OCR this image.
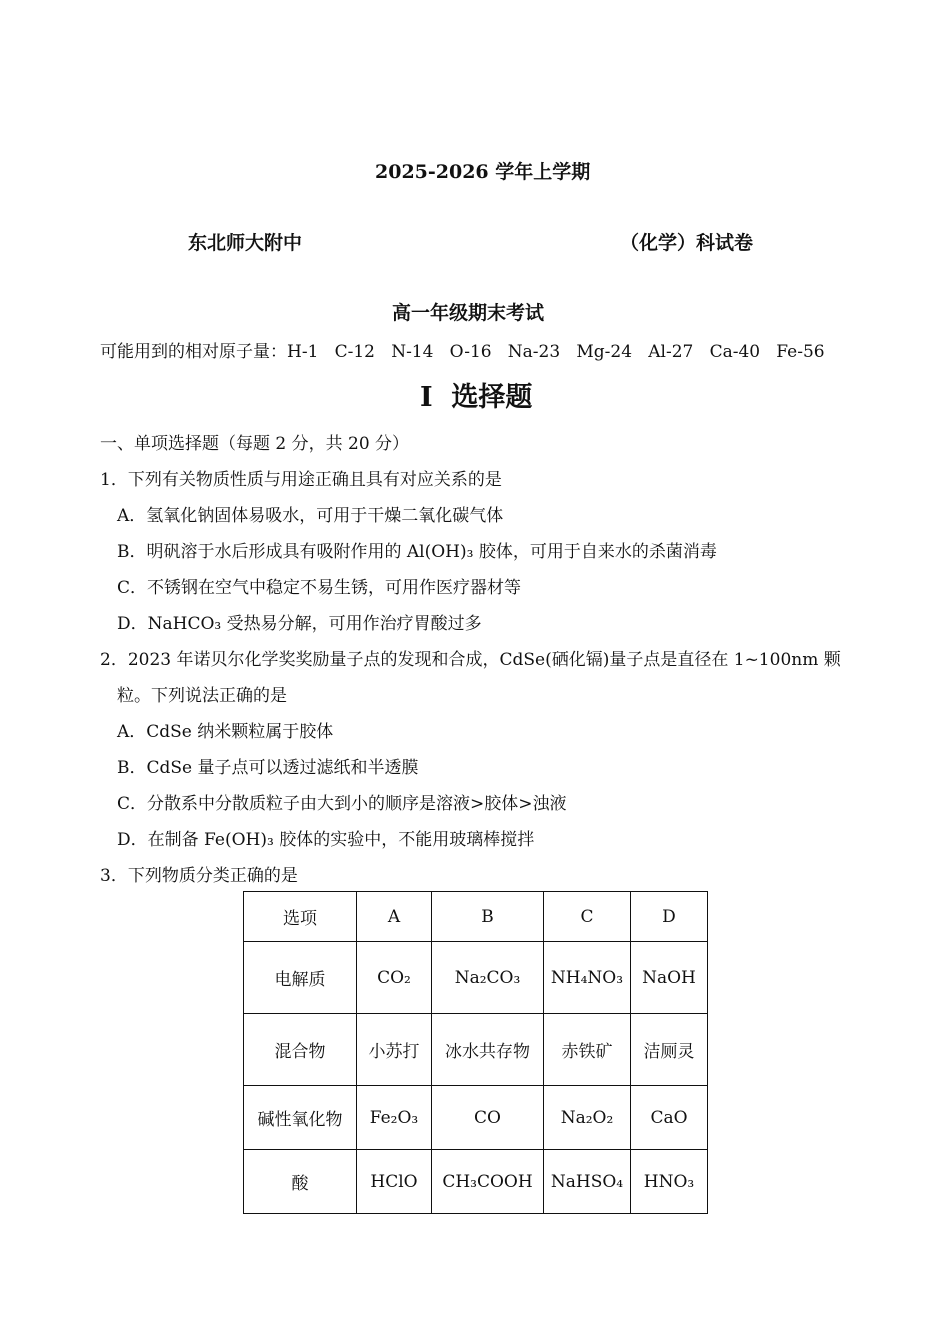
2025-2026 学年上学期
东北师大附中	（化学）科试卷
高一年级期末考试
可能用到的相对原子量：H-1   C-12   N-14   O-16   Na-23   Mg-24   Al-27   Ca-40   Fe-56
I  选择题
一、单项选择题（每题 2 分，共 20 分）
1．下列有关物质性质与用途正确且具有对应关系的是
A．氢氧化钠固体易吸水，可用于干燥二氧化碳气体
B．明矾溶于水后形成具有吸附作用的 Al(OH)₃ 胶体，可用于自来水的杀菌消毒
C．不锈钢在空气中稳定不易生锈，可用作医疗器材等
D．NaHCO₃ 受热易分解，可用作治疗胃酸过多
2．2023 年诺贝尔化学奖奖励量子点的发现和合成，CdSe(硒化镉)量子点是直径在 1~100nm 颗
粒。下列说法正确的是
A．CdSe 纳米颗粒属于胶体
B．CdSe 量子点可以透过滤纸和半透膜
C．分散系中分散质粒子由大到小的顺序是溶液>胶体>浊液
D．在制备 Fe(OH)₃ 胶体的实验中，不能用玻璃棒搅拌
3．下列物质分类正确的是
选项	A	B	C	D
电解质	CO₂	Na₂CO₃	NH₄NO₃	NaOH
混合物	小苏打	冰水共存物	赤铁矿	洁厕灵
碱性氧化物	Fe₂O₃	CO	Na₂O₂	CaO
酸	HClO	CH₃COOH	NaHSO₄	HNO₃
